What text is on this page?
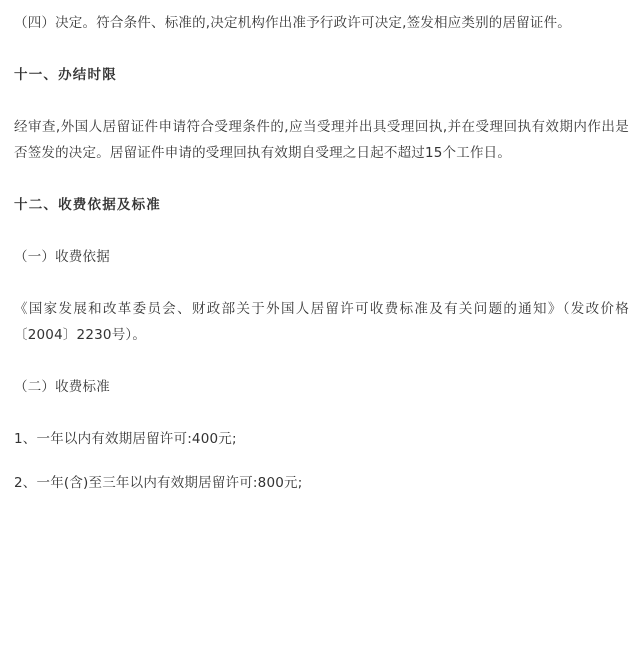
（四）决定。符合条件、标准的,决定机构作出准予行政许可决定,签发相应类别的居留证件。

十一、办结时限

经审查,外国人居留证件申请符合受理条件的,应当受理并出具受理回执,并在受理回执有效期内作出是否签发的决定。居留证件申请的受理回执有效期自受理之日起不超过15个工作日。

十二、收费依据及标准

（一）收费依据

《国家发展和改革委员会、财政部关于外国人居留许可收费标准及有关问题的通知》（发改价格〔2004〕2230号）。

（二）收费标准

1、一年以内有效期居留许可:400元;

2、一年(含)至三年以内有效期居留许可:800元;
